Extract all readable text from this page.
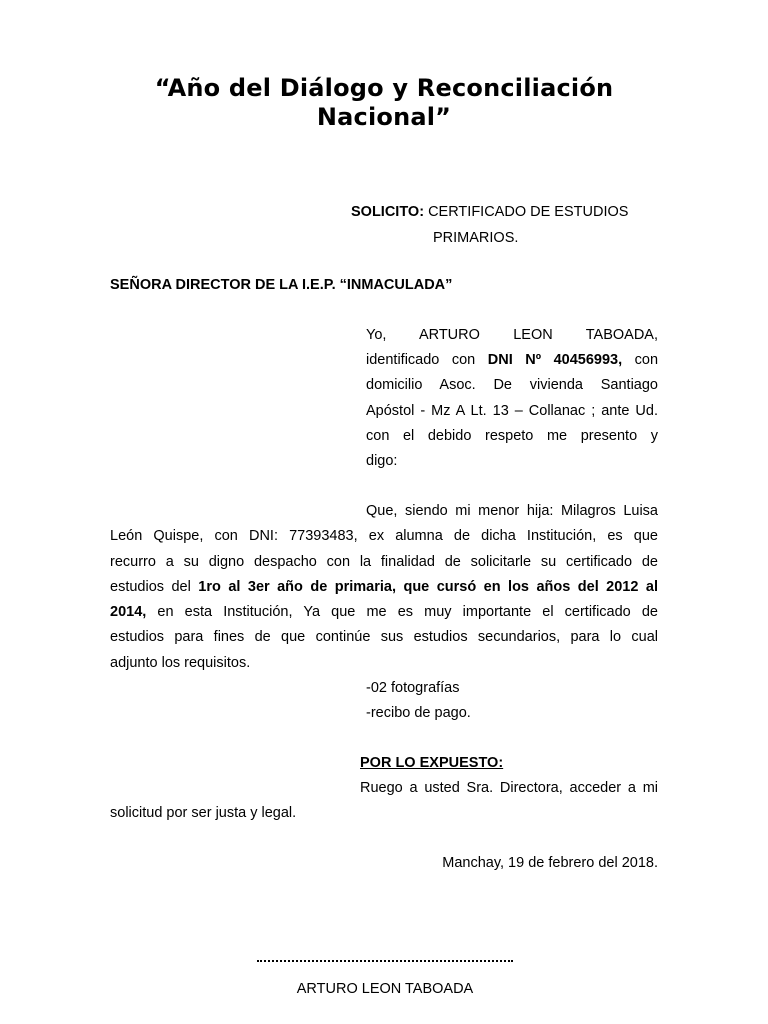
“Año del Diálogo y Reconciliación
Nacional”
SOLICITO: CERTIFICADO DE ESTUDIOS
PRIMARIOS.
SEÑORA DIRECTOR DE LA I.E.P. “INMACULADA”
Yo, ARTURO LEON TABOADA,
identificado con DNI Nº 40456993, con
domicilio Asoc. De vivienda Santiago
Apóstol - Mz A Lt. 13 – Collanac ; ante Ud.
con el debido respeto me presento y
digo:
Que, siendo mi menor hija: Milagros Luisa
León Quispe, con DNI: 77393483, ex alumna de dicha Institución, es que
recurro a su digno despacho con la finalidad de solicitarle su certificado de
estudios del 1ro al 3er año de primaria, que cursó en los años del 2012 al
2014, en esta Institución, Ya que me es muy importante el certificado de
estudios para fines de que continúe sus estudios secundarios, para lo cual
adjunto los requisitos.
-02 fotografías
-recibo de pago.
POR LO EXPUESTO:
Ruego a usted Sra. Directora, acceder a mi
solicitud por ser justa y legal.
Manchay, 19 de febrero del 2018.
ARTURO LEON TABOADA
